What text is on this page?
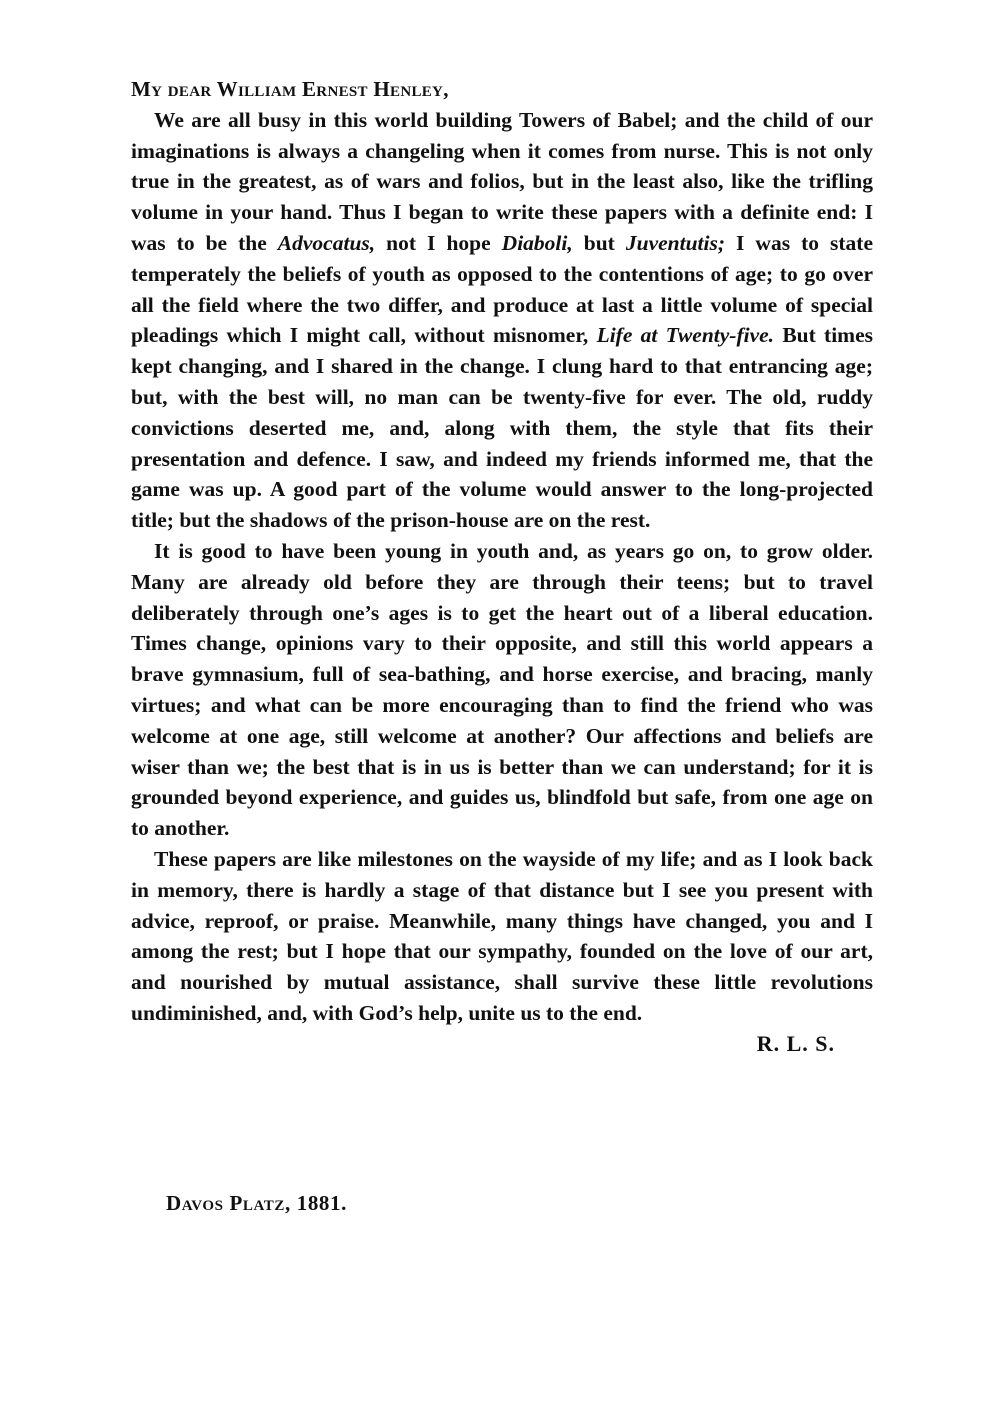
My dear William Ernest Henley,

We are all busy in this world building Towers of Babel; and the child of our imaginations is always a changeling when it comes from nurse. This is not only true in the greatest, as of wars and folios, but in the least also, like the trifling volume in your hand. Thus I began to write these papers with a definite end: I was to be the Advocatus, not I hope Diaboli, but Juventutis; I was to state temperately the beliefs of youth as opposed to the contentions of age; to go over all the field where the two differ, and produce at last a little volume of special pleadings which I might call, without misnomer, Life at Twenty-five. But times kept changing, and I shared in the change. I clung hard to that entrancing age; but, with the best will, no man can be twenty-five for ever. The old, ruddy convictions deserted me, and, along with them, the style that fits their presentation and defence. I saw, and indeed my friends informed me, that the game was up. A good part of the volume would answer to the long-projected title; but the shadows of the prison-house are on the rest.

It is good to have been young in youth and, as years go on, to grow older. Many are already old before they are through their teens; but to travel deliberately through one’s ages is to get the heart out of a liberal education. Times change, opinions vary to their opposite, and still this world appears a brave gymnasium, full of sea-bathing, and horse exercise, and bracing, manly virtues; and what can be more encouraging than to find the friend who was welcome at one age, still welcome at another? Our affections and beliefs are wiser than we; the best that is in us is better than we can understand; for it is grounded beyond experience, and guides us, blindfold but safe, from one age on to another.

These papers are like milestones on the wayside of my life; and as I look back in memory, there is hardly a stage of that distance but I see you present with advice, reproof, or praise. Meanwhile, many things have changed, you and I among the rest; but I hope that our sympathy, founded on the love of our art, and nourished by mutual assistance, shall survive these little revolutions undiminished, and, with God’s help, unite us to the end.

R. L. S.

Davos Platz, 1881.
